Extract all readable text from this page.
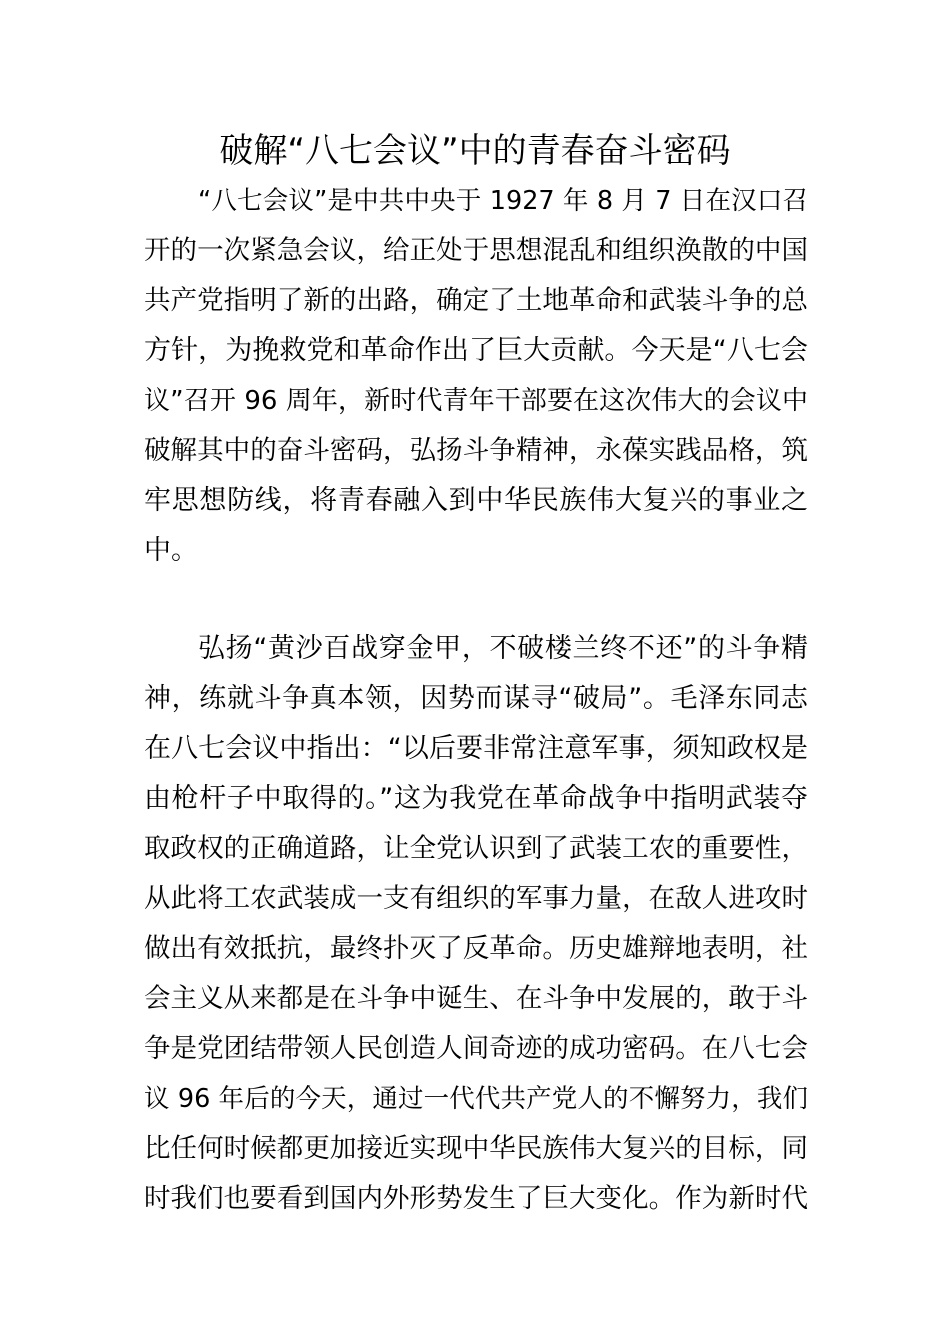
破解“八七会议”中的青春奋斗密码
“八七会议”是中共中央于 1927 年 8 月 7 日在汉口召
开的一次紧急会议，给正处于思想混乱和组织涣散的中国
共产党指明了新的出路，确定了土地革命和武装斗争的总
方针，为挽救党和革命作出了巨大贡献。今天是“八七会
议”召开 96 周年，新时代青年干部要在这次伟大的会议中
破解其中的奋斗密码，弘扬斗争精神，永葆实践品格，筑
牢思想防线，将青春融入到中华民族伟大复兴的事业之
中。
弘扬“黄沙百战穿金甲，不破楼兰终不还”的斗争精
神，练就斗争真本领，因势而谋寻“破局”。毛泽东同志
在八七会议中指出：“以后要非常注意军事，须知政权是
由枪杆子中取得的。”这为我党在革命战争中指明武装夺
取政权的正确道路，让全党认识到了武装工农的重要性，
从此将工农武装成一支有组织的军事力量，在敌人进攻时
做出有效抵抗，最终扑灭了反革命。历史雄辩地表明，社
会主义从来都是在斗争中诞生、在斗争中发展的，敢于斗
争是党团结带领人民创造人间奇迹的成功密码。在八七会
议 96 年后的今天，通过一代代共产党人的不懈努力，我们
比任何时候都更加接近实现中华民族伟大复兴的目标，同
时我们也要看到国内外形势发生了巨大变化。作为新时代
